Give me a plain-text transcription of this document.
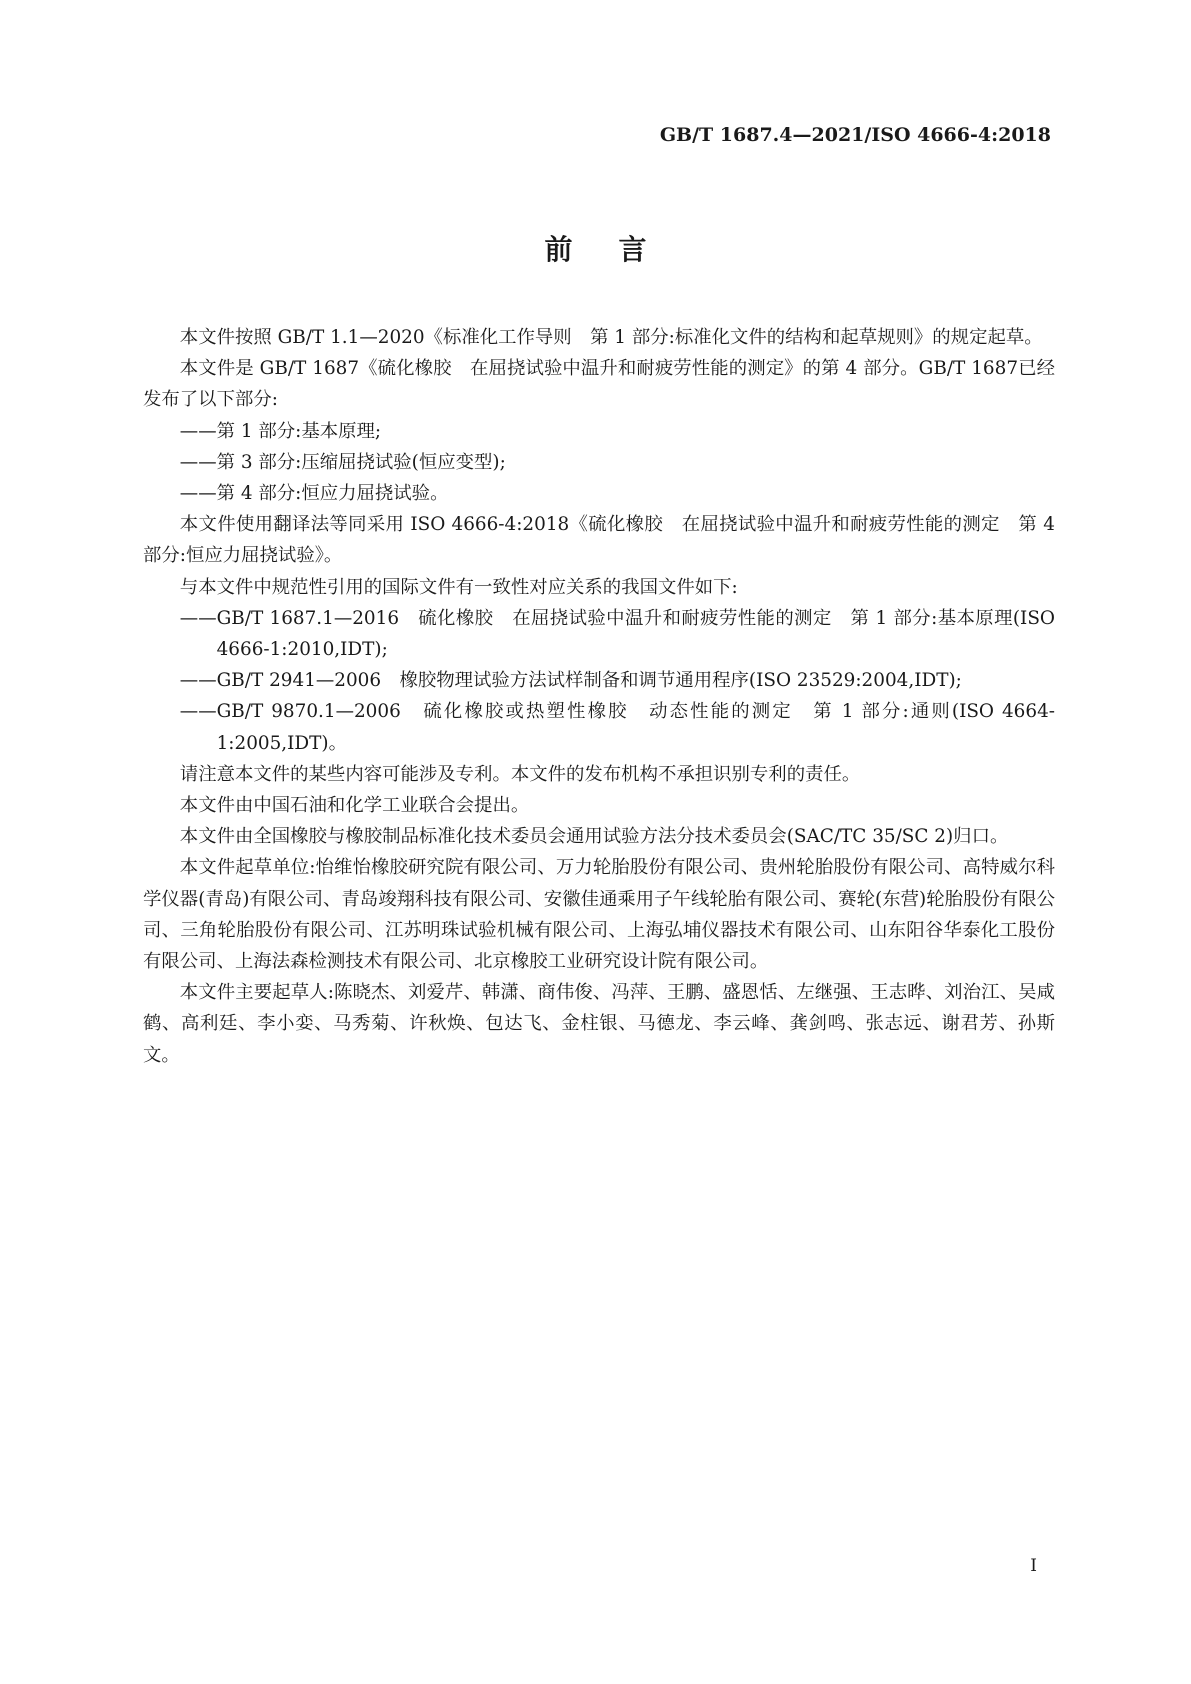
GB/T 1687.4—2021/ISO 4666-4:2018
前言

本文件按照 GB/T 1.1—2020《标准化工作导则　第 1 部分:标准化文件的结构和起草规则》的规定起草。

本文件是 GB/T 1687《硫化橡胶　在屈挠试验中温升和耐疲劳性能的测定》的第 4 部分。GB/T 1687已经发布了以下部分:

——第 1 部分:基本原理;

——第 3 部分:压缩屈挠试验(恒应变型);

——第 4 部分:恒应力屈挠试验。

本文件使用翻译法等同采用 ISO 4666-4:2018《硫化橡胶　在屈挠试验中温升和耐疲劳性能的测定　第 4 部分:恒应力屈挠试验》。

与本文件中规范性引用的国际文件有一致性对应关系的我国文件如下:

——GB/T 1687.1—2016　硫化橡胶　在屈挠试验中温升和耐疲劳性能的测定　第 1 部分:基本原理(ISO 4666-1:2010,IDT);

——GB/T 2941—2006　橡胶物理试验方法试样制备和调节通用程序(ISO 23529:2004,IDT);

——GB/T 9870.1—2006　硫化橡胶或热塑性橡胶　动态性能的测定　第 1 部分:通则(ISO 4664-1:2005,IDT)。

请注意本文件的某些内容可能涉及专利。本文件的发布机构不承担识别专利的责任。

本文件由中国石油和化学工业联合会提出。

本文件由全国橡胶与橡胶制品标准化技术委员会通用试验方法分技术委员会(SAC/TC 35/SC 2)归口。

本文件起草单位:怡维怡橡胶研究院有限公司、万力轮胎股份有限公司、贵州轮胎股份有限公司、高特威尔科学仪器(青岛)有限公司、青岛竣翔科技有限公司、安徽佳通乘用子午线轮胎有限公司、赛轮(东营)轮胎股份有限公司、三角轮胎股份有限公司、江苏明珠试验机械有限公司、上海弘埔仪器技术有限公司、山东阳谷华泰化工股份有限公司、上海法森检测技术有限公司、北京橡胶工业研究设计院有限公司。

本文件主要起草人:陈晓杰、刘爱芹、韩潇、商伟俊、冯萍、王鹏、盛恩恬、左继强、王志晔、刘治江、吴咸鹤、高利廷、李小娈、马秀菊、许秋焕、包达飞、金柱银、马德龙、李云峰、龚剑鸣、张志远、谢君芳、孙斯文。

I
